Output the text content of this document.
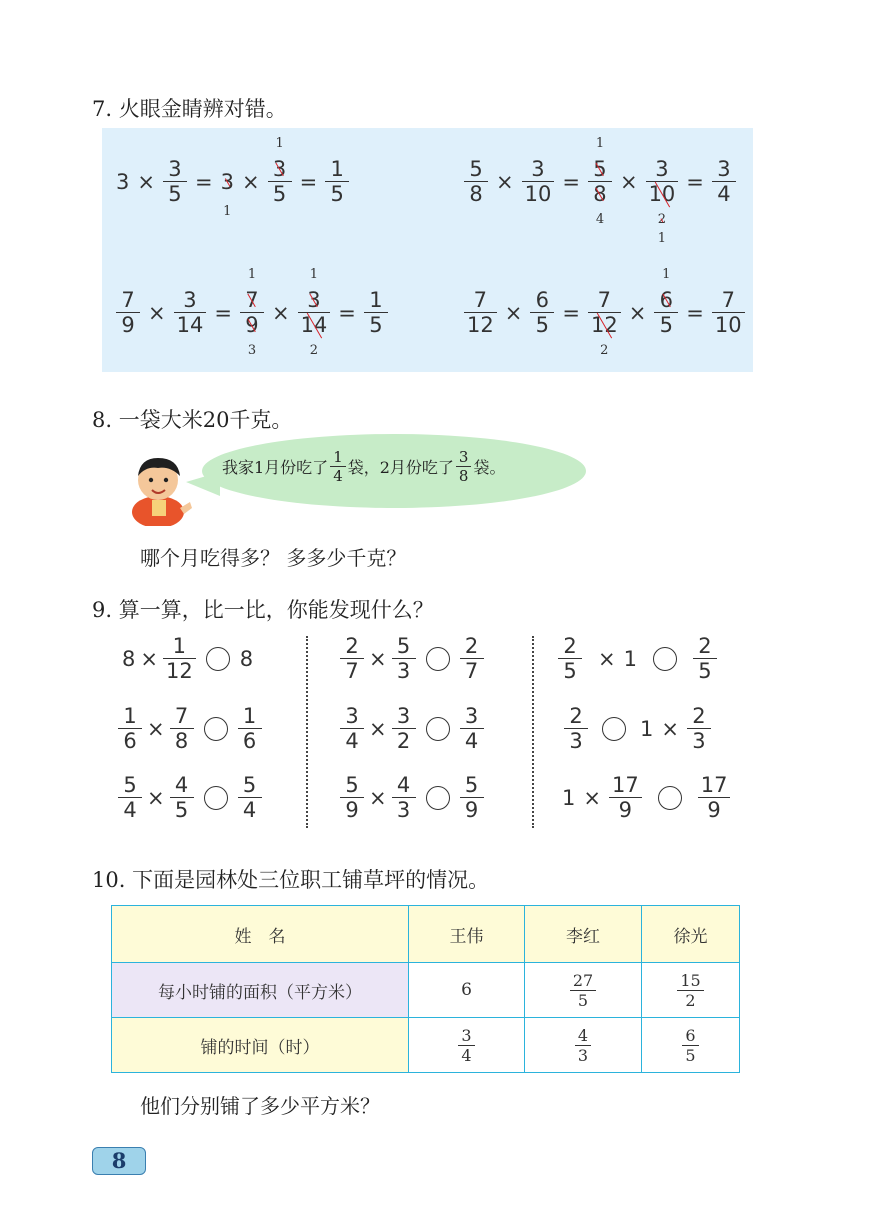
7. 火眼金睛辨对错。
$3 \times \frac{3}{5} = 3$
1
× 3
1
$5 = \frac{1}{5}$	$\frac{5}{8} \times \frac{3}{10} = 5$
1
8
4 × 3
10
2
$1 = \frac{3}{4}$
$\frac{7}{9} \times \frac{3}{14} = 7$
1
9
3 × 3
1
14
$2 = \frac{1}{5}$	$\frac{7}{12} \times \frac{6}{5} = 7$
12
2 × 6
1
$5 = \frac{7}{10}$
8. 一袋大米20千克。
我家1月份吃了 $\frac{1}{4}$ 袋，2月份吃了 $\frac{3}{8}$ 袋。
哪个月吃得多？ 多多少千克？
9. 算一算，比一比，你能发现什么？
$8 \times \frac{1}{12} 8$
$\frac{1}{6} \times \frac{7}{8} \frac{1}{6}$
$\frac{5}{4} \times \frac{4}{5} \frac{5}{4}$
$\frac{2}{7} \times \frac{5}{3} \frac{2}{7}$
$\frac{3}{4} \times \frac{3}{2} \frac{3}{4}$
$\frac{5}{9} \times \frac{4}{3} \frac{5}{9}$
$\frac{2}{5} \times 1$	$\frac{2}{5}$
$\frac{2}{3} 1 \times \frac{2}{3}$
$1 \times \frac{17}{9}$	$\frac{17}{9}$
10. 下面是园林处三位职工铺草坪的情况。
姓　名	王伟	李红	徐光
每小时铺的面积（平方米）	6	$\frac{27}{5}$	$\frac{15}{2}$

铺的时间（时）	$\frac{3}{4}$	$\frac{4}{3}$	$\frac{6}{5}$
他们分别铺了多少平方米？
8
